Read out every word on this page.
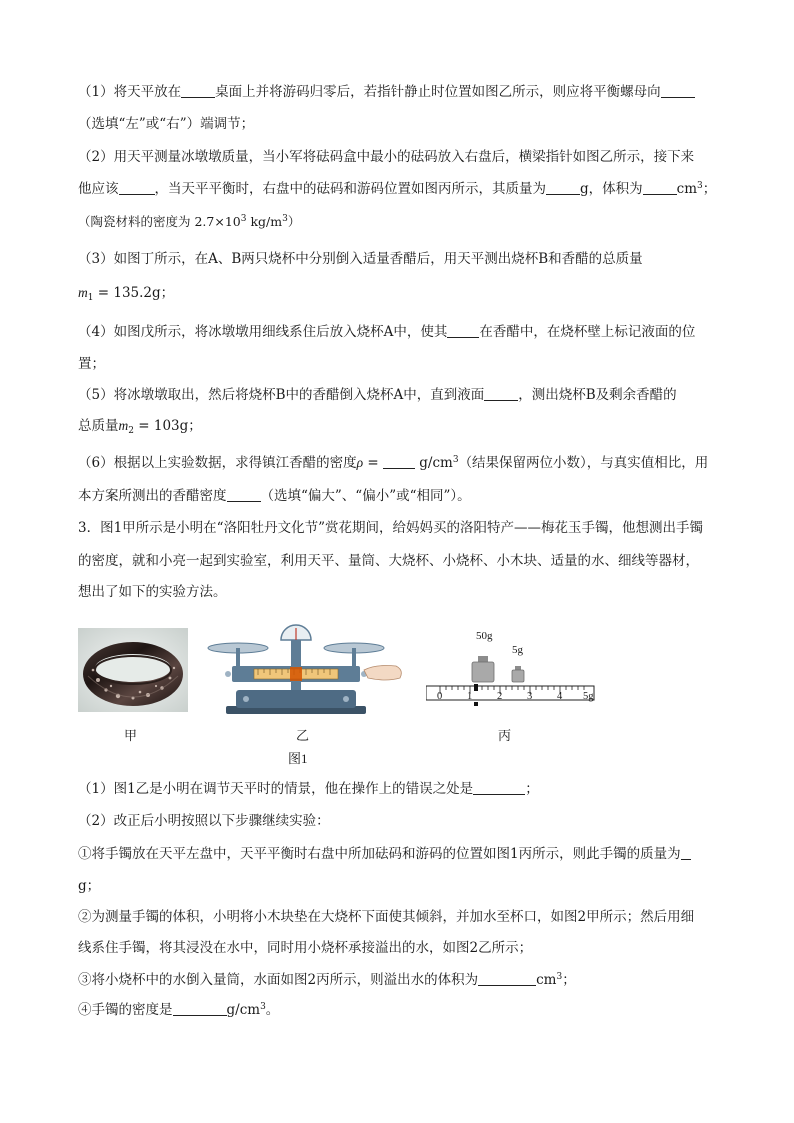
（1）将天平放在	桌面上并将游码归零后，若指针静止时位置如图乙所示，则应将平衡螺母向
（选填“左”或“右”）端调节；
（2）用天平测量冰墩墩质量，当小军将砝码盒中最小的砝码放入右盘后，横梁指针如图乙所示，接下来
他应该	，当天平平衡时，右盘中的砝码和游码位置如图丙所示，其质量为	g，体积为	$cm^3$；
（陶瓷材料的密度为 $2.7\times 10^3$ $kg/m^3$）
（3）如图丁所示，在A、B两只烧杯中分别倒入适量香醋后，用天平测出烧杯B和香醋的总质量
$m_1 = 135.2g$；
（4）如图戊所示，将冰墩墩用细线系住后放入烧杯A中，使其 在香醋中，在烧杯壁上标记液面的位
置；
（5）将冰墩墩取出，然后将烧杯B中的香醋倒入烧杯A中，直到液面	，测出烧杯B及剩余香醋的
总质量$m_2 = 103g$；
（6）根据以上实验数据，求得镇江香醋的密度$\rho = g/cm^3$（结果保留两位小数），与真实值相比，用
本方案所测出的香醋密度	（选填“偏大”、“偏小”或“相同”）。
3．图1甲所示是小明在“洛阳牡丹文化节”赏花期间，给妈妈买的洛阳特产——梅花玉手镯，他想测出手镯
的密度，就和小亮一起到实验室，利用天平、量筒、大烧杯、小烧杯、小木块、适量的水、细线等器材，
想出了如下的实验方法。
甲	乙
图1
50g
5g
0 1 2 3 4 5g
丙
（1）图1乙是小明在调节天平时的情景，他在操作上的错误之处是	；
（2）改正后小明按照以下步骤继续实验：
①将手镯放在天平左盘中，天平平衡时右盘中所加砝码和游码的位置如图1丙所示，则此手镯的质量为
g；
②为测量手镯的体积，小明将小木块垫在大烧杯下面使其倾斜，并加水至杯口，如图2甲所示；然后用细
线系住手镯，将其浸没在水中，同时用小烧杯承接溢出的水，如图2乙所示；
③将小烧杯中的水倒入量筒，水面如图2丙所示，则溢出水的体积为	$cm^3$；
④手镯的密度是	$g/cm^3$。
